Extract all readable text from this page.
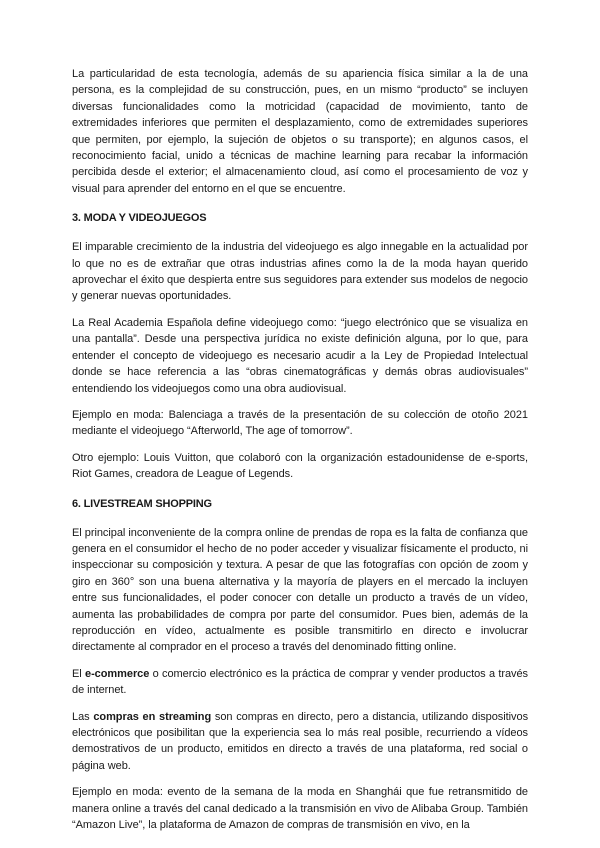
La particularidad de esta tecnología, además de su apariencia física similar a la de una persona, es la complejidad de su construcción, pues, en un mismo “producto” se incluyen diversas funcionalidades como la motricidad (capacidad de movimiento, tanto de extremidades inferiores que permiten el desplazamiento, como de extremidades superiores que permiten, por ejemplo, la sujeción de objetos o su transporte); en algunos casos, el reconocimiento facial, unido a técnicas de machine learning para recabar la información percibida desde el exterior; el almacenamiento cloud, así como el procesamiento de voz y visual para aprender del entorno en el que se encuentre.

3. MODA Y VIDEOJUEGOS

El imparable crecimiento de la industria del videojuego es algo innegable en la actualidad por lo que no es de extrañar que otras industrias afines como la de la moda hayan querido aprovechar el éxito que despierta entre sus seguidores para extender sus modelos de negocio y generar nuevas oportunidades.

La Real Academia Española define videojuego como: “juego electrónico que se visualiza en una pantalla”. Desde una perspectiva jurídica no existe definición alguna, por lo que, para entender el concepto de videojuego es necesario acudir a la Ley de Propiedad Intelectual donde se hace referencia a las “obras cinematográficas y demás obras audiovisuales” entendiendo los videojuegos como una obra audiovisual.

Ejemplo en moda: Balenciaga a través de la presentación de su colección de otoño 2021 mediante el videojuego “Afterworld, The age of tomorrow”.

Otro ejemplo: Louis Vuitton, que colaboró con la organización estadounidense de e-sports, Riot Games, creadora de League of Legends.

6. LIVESTREAM SHOPPING

El principal inconveniente de la compra online de prendas de ropa es la falta de confianza que genera en el consumidor el hecho de no poder acceder y visualizar físicamente el producto, ni inspeccionar su composición y textura. A pesar de que las fotografías con opción de zoom y giro en 360° son una buena alternativa y la mayoría de players en el mercado la incluyen entre sus funcionalidades, el poder conocer con detalle un producto a través de un vídeo, aumenta las probabilidades de compra por parte del consumidor. Pues bien, además de la reproducción en vídeo, actualmente es posible transmitirlo en directo e involucrar directamente al comprador en el proceso a través del denominado fitting online.

El e-commerce o comercio electrónico es la práctica de comprar y vender productos a través de internet.

Las compras en streaming son compras en directo, pero a distancia, utilizando dispositivos electrónicos que posibilitan que la experiencia sea lo más real posible, recurriendo a vídeos demostrativos de un producto, emitidos en directo a través de una plataforma, red social o página web.

Ejemplo en moda: evento de la semana de la moda en Shanghái que fue retransmitido de manera online a través del canal dedicado a la transmisión en vivo de Alibaba Group. También “Amazon Live”, la plataforma de Amazon de compras de transmisión en vivo, en la
